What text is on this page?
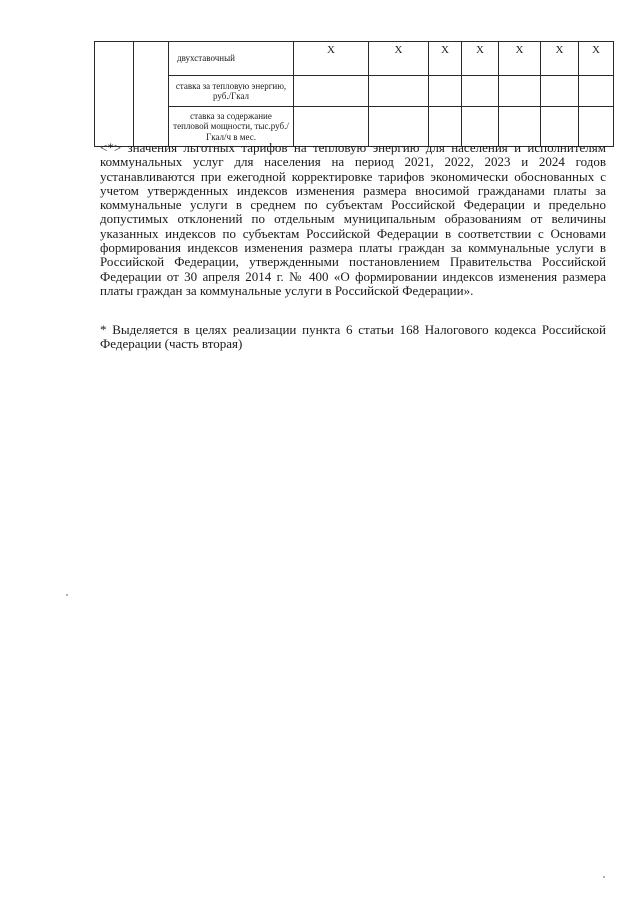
		двухставочный	X	X	X	X	X	X	X
		ставка за тепловую энергию, руб./Гкал							
		ставка за содержание тепловой мощности, тыс.руб./Гкал/ч в мес.							

<*> значения льготных тарифов на тепловую энергию для населения и исполнителям коммунальных услуг для населения на период 2021, 2022, 2023 и 2024 годов устанавливаются при ежегодной корректировке тарифов экономически обоснованных с учетом утвержденных индексов изменения размера вносимой гражданами платы за коммунальные услуги в среднем по субъектам Российской Федерации и предельно допустимых отклонений по отдельным муниципальным образованиям от величины указанных индексов по субъектам Российской Федерации в соответствии с Основами формирования индексов изменения размера платы граждан за коммунальные услуги в Российской Федерации, утвержденными постановлением Правительства Российской Федерации от 30 апреля 2014 г. № 400 «О формировании индексов изменения размера платы граждан за коммунальные услуги в Российской Федерации».

* Выделяется в целях реализации пункта 6 статьи 168 Налогового кодекса Российской Федерации (часть вторая)
